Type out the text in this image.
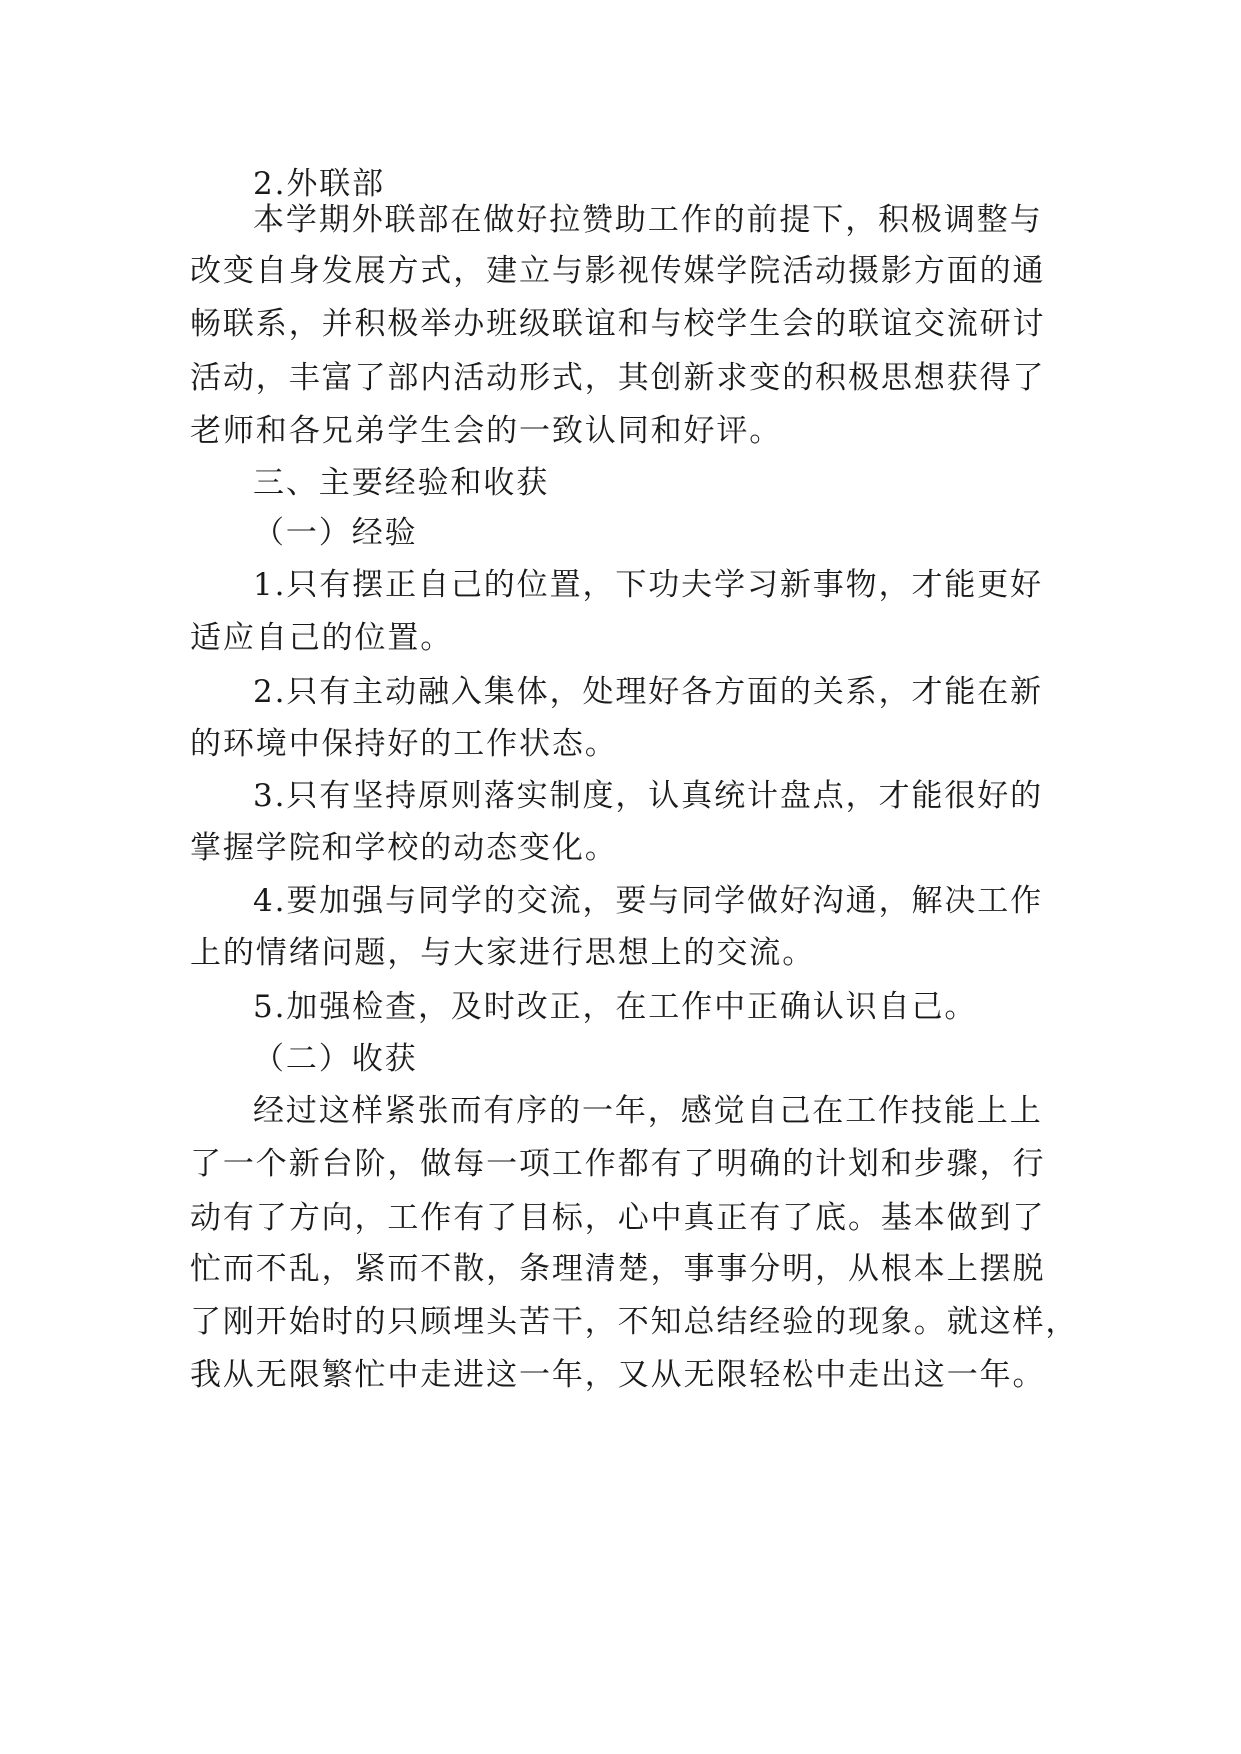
2.外联部
本学期外联部在做好拉赞助工作的前提下，积极调整与
改变自身发展方式，建立与影视传媒学院活动摄影方面的通
畅联系，并积极举办班级联谊和与校学生会的联谊交流研讨
活动，丰富了部内活动形式，其创新求变的积极思想获得了
老师和各兄弟学生会的一致认同和好评。
三、主要经验和收获
（一）经验
1.只有摆正自己的位置，下功夫学习新事物，才能更好
适应自己的位置。
2.只有主动融入集体，处理好各方面的关系，才能在新
的环境中保持好的工作状态。
3.只有坚持原则落实制度，认真统计盘点，才能很好的
掌握学院和学校的动态变化。
4.要加强与同学的交流，要与同学做好沟通，解决工作
上的情绪问题，与大家进行思想上的交流。
5.加强检查，及时改正，在工作中正确认识自己。
（二）收获
经过这样紧张而有序的一年，感觉自己在工作技能上上
了一个新台阶，做每一项工作都有了明确的计划和步骤，行
动有了方向，工作有了目标，心中真正有了底。基本做到了
忙而不乱，紧而不散，条理清楚，事事分明，从根本上摆脱
了刚开始时的只顾埋头苦干，不知总结经验的现象。就这样，
我从无限繁忙中走进这一年，又从无限轻松中走出这一年。
